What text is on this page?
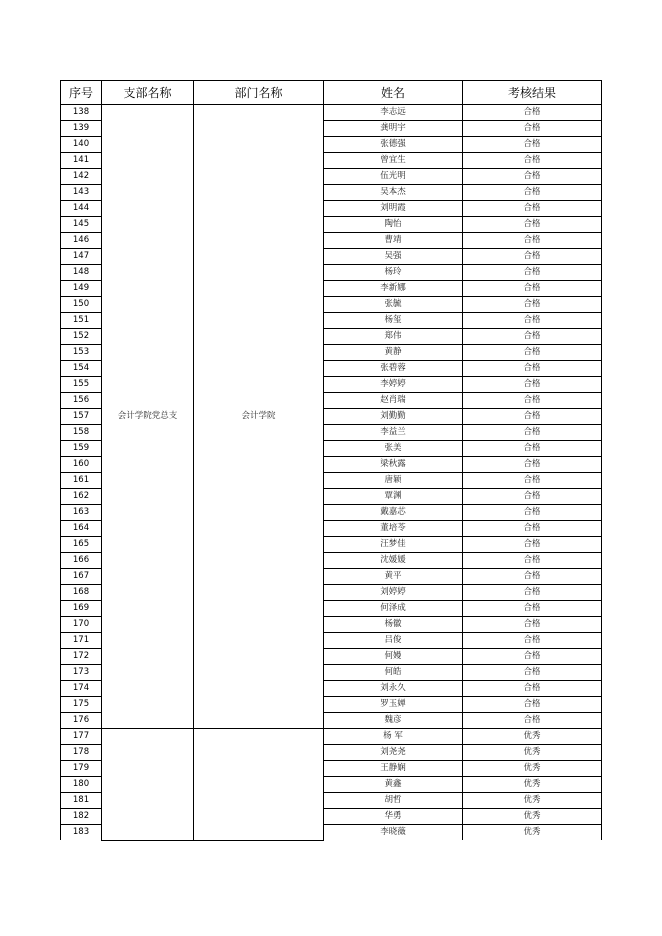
序号	支部名称	部门名称	姓名	考核结果
138	会计学院党总支	会计学院	李志远	合格
139			龚明宇	合格
140			张德强	合格
141			曾宜生	合格
142			伍光明	合格
143			吴本杰	合格
144			刘明霞	合格
145			陶怡	合格
146			曹靖	合格
147			吴强	合格
148			杨玲	合格
149			李新娜	合格
150			张毓	合格
151			杨玺	合格
152			郑伟	合格
153			黄静	合格
154			张碧蓉	合格
155			李婷婷	合格
156			赵肖瑞	合格
157			刘勤勤	合格
158			李益兰	合格
159			张美	合格
160			梁秋露	合格
161			唐颖	合格
162			覃渊	合格
163			戴嘉芯	合格
164			董培苓	合格
165			汪梦佳	合格
166			沈媛媛	合格
167			黄平	合格
168			刘婷婷	合格
169			何泽成	合格
170			杨徽	合格
171			吕俊	合格
172			何嫚	合格
173			何皓	合格
174			刘永久	合格
175			罗玉婵	合格
176			魏彦	合格
177			杨 军	优秀
178			刘尧尧	优秀
179			王静娴	优秀
180			黄鑫	优秀
181			胡哲	优秀
182			华勇	优秀
183			李晓薇	优秀
